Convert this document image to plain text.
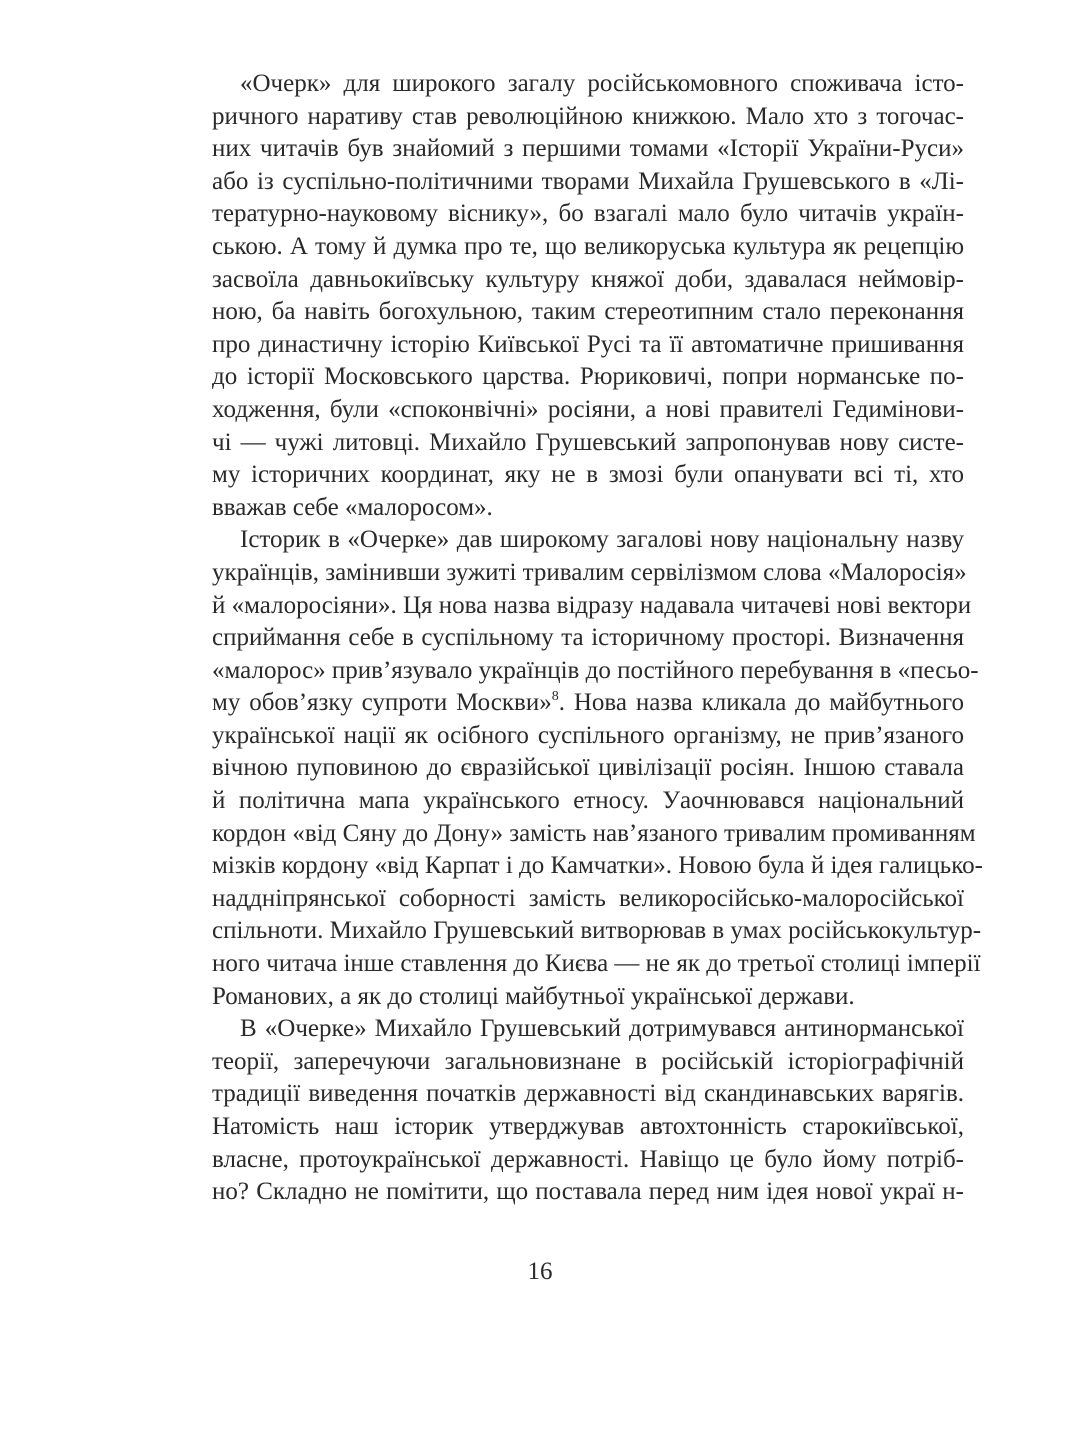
«Очерк» для широкого загалу російськомовного споживача істо-
ричного наративу став революційною книжкою. Мало хто з тогочас-
них читачів був знайомий з першими томами «Історії України-Руси»
або із суспільно-політичними творами Михайла Грушевського в «Лі-
тературно-науковому віснику», бо взагалі мало було читачів україн-
ською. А тому й думка про те, що великоруська культура як рецепцію
засвоїла давньокиївську культуру княжої доби, здавалася неймовір-
ною, ба навіть богохульною, таким стереотипним стало переконання
про династичну історію Київської Русі та її автоматичне пришивання
до історії Московського царства. Рюриковичі, попри норманське по-
ходження, були «споконвічні» росіяни, а нові правителі Гедимінови-
чі — чужі литовці. Михайло Грушевський запропонував нову систе-
му історичних координат, яку не в змозі були опанувати всі ті, хто
вважав себе «малоросом».
Історик в «Очерке» дав широкому загалові нову національну назву
українців, замінивши зужиті тривалим сервілізмом слова «Малоросія»
й «малоросіяни». Ця нова назва відразу надавала читачеві нові вектори
сприймання себе в суспільному та історичному просторі. Визначення
«малорос» прив’язувало українців до постійного перебування в «песьо-
му обов’язку супроти Москви»$^8$. Нова назва кликала до майбутнього
українськoї нації як осібного суспільного організму, не прив’язаного
вічною пуповиною до євразійської цивілізації росіян. Іншою ставала
й політична мапа українського етносу. Уаочнювався національний
кордон «від Сяну до Дону» замість нав’язаного тривалим промиванням
мізків кордону «від Карпат і до Камчатки». Новою була й ідея галицько-
наддніпрянської соборності замість великоросійсько-малоросійської
спільноти. Михайло Грушевський витворював в умах російськокультур-
ного читача інше ставлення до Києва — не як до третьої столиці імперії
Романових, а як до столиці майбутньої української держави.
В «Очерке» Михайло Грушевський дотримувався антинорманської
теорії, заперечуючи загальновизнане в російській історіографічній
традиції виведення початків державності від скандинавських варягів.
Натомість наш історик утверджував автохтонність старокиївської,
власне, протоукраїнської державності. Навіщо це було йому потріб-
но? Складно не помітити, що поставала перед ним ідея нової украї н-
16
